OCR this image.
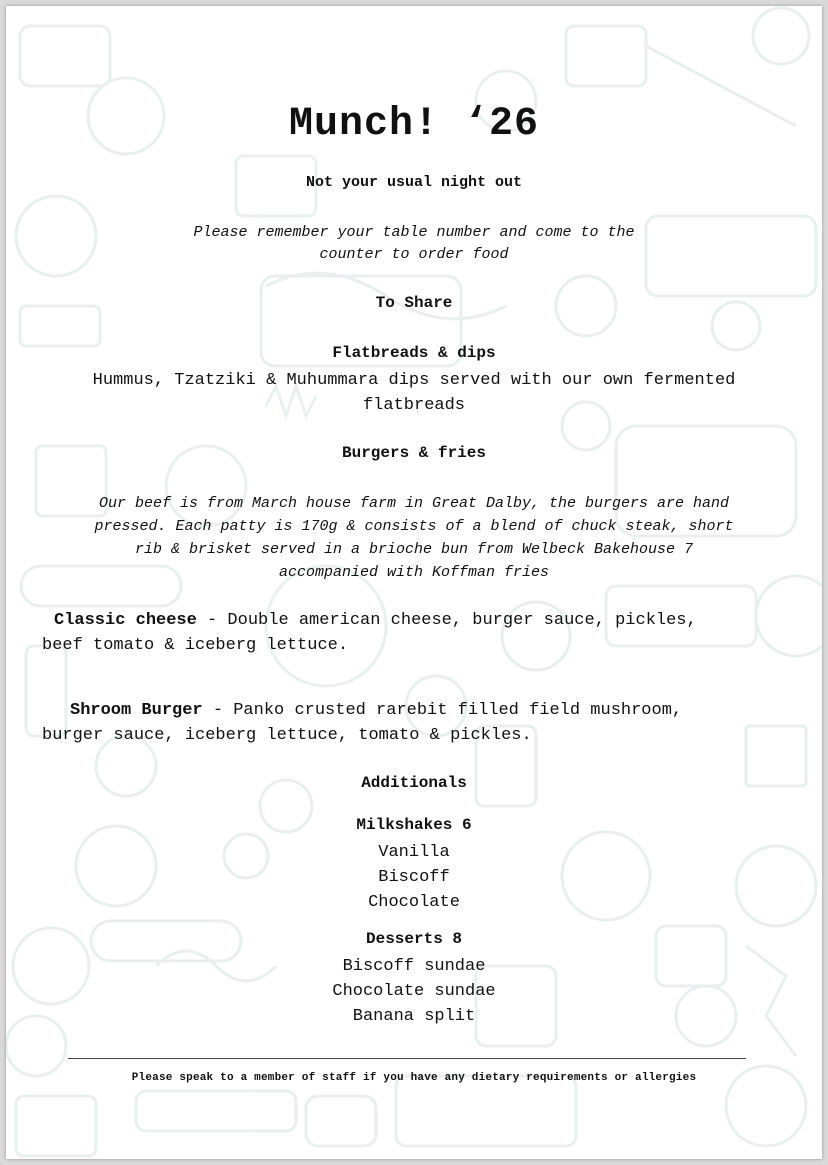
Munch! ‘26
Not your usual night out
Please remember your table number and come to the
counter to order food
To Share
Flatbreads & dips
Hummus, Tzatziki & Muhummara dips served with our own fermented
flatbreads
Burgers & fries
Our beef is from March house farm in Great Dalby, the burgers are hand
pressed. Each patty is 170g & consists of a blend of chuck steak, short
rib & brisket served in a brioche bun from Welbeck Bakehouse 7
accompanied with Koffman fries
Classic cheese - Double american cheese, burger sauce, pickles,
beef tomato & iceberg lettuce.
Shroom Burger - Panko crusted rarebit filled field mushroom,
burger sauce, iceberg lettuce, tomato & pickles.
Additionals
Milkshakes 6
Vanilla
Biscoff
Chocolate
Desserts 8
Biscoff sundae
Chocolate sundae
Banana split
Please speak to a member of staff if you have any dietary requirements or allergies
